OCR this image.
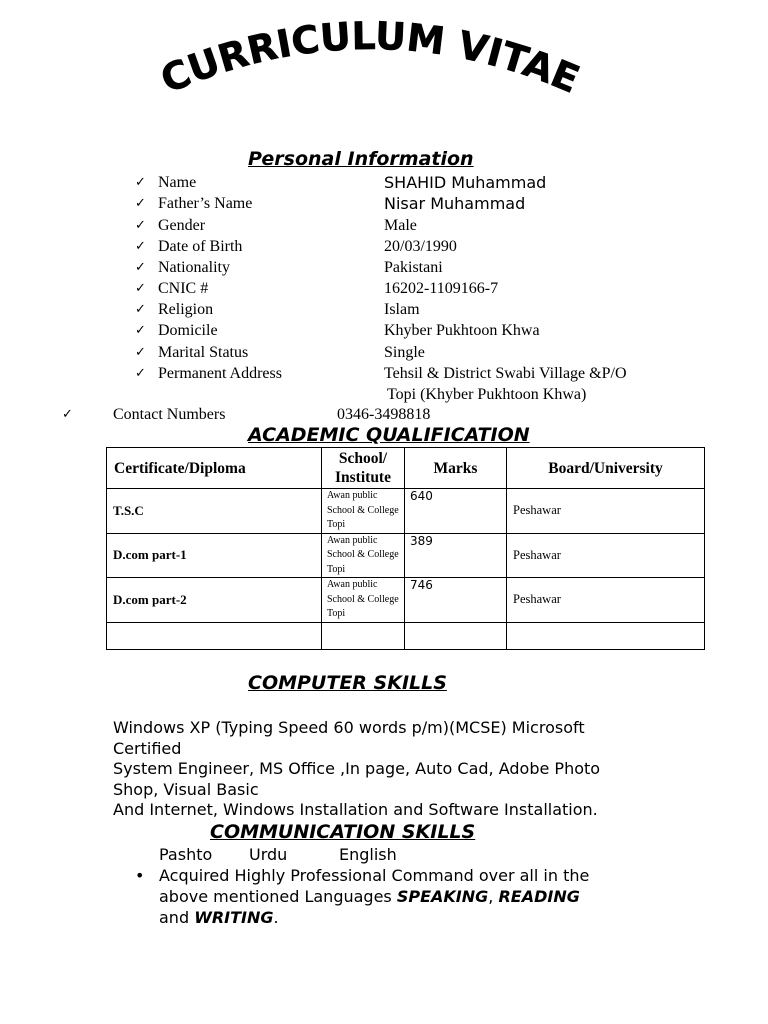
CURRICULUM VITAE
Personal Information
✓ Name	SHAHID Muhammad
✓ Father’s Name	Nisar Muhammad
✓ Gender	Male
✓ Date of Birth	20/03/1990
✓ Nationality	Pakistani
✓ CNIC #	16202-1109166-7
✓ Religion	Islam
✓ Domicile	Khyber Pukhtoon Khwa
✓ Marital Status	Single
✓ Permanent Address	Tehsil & District Swabi Village &P/O
Topi (Khyber Pukhtoon Khwa)
✓	Contact Numbers	0346-3498818
ACADEMIC QUALIFICATION
Certificate/Diploma	School/ Institute	Marks	Board/University
T.S.C	Awan public School & College Topi	640	Peshawar
D.com part-1	Awan public School & College Topi	389	Peshawar
D.com part-2	Awan public School & College Topi	746	Peshawar

COMPUTER SKILLS
Windows XP (Typing Speed 60 words p/m)(MCSE) Microsoft
Certified
System Engineer, MS Office ,In page, Auto Cad, Adobe Photo
Shop, Visual Basic
And Internet, Windows Installation and Software Installation.
COMMUNICATION SKILLS
Pashto Urdu	English
• Acquired Highly Professional Command over all in the
above mentioned Languages SPEAKING, READING
and WRITING.
